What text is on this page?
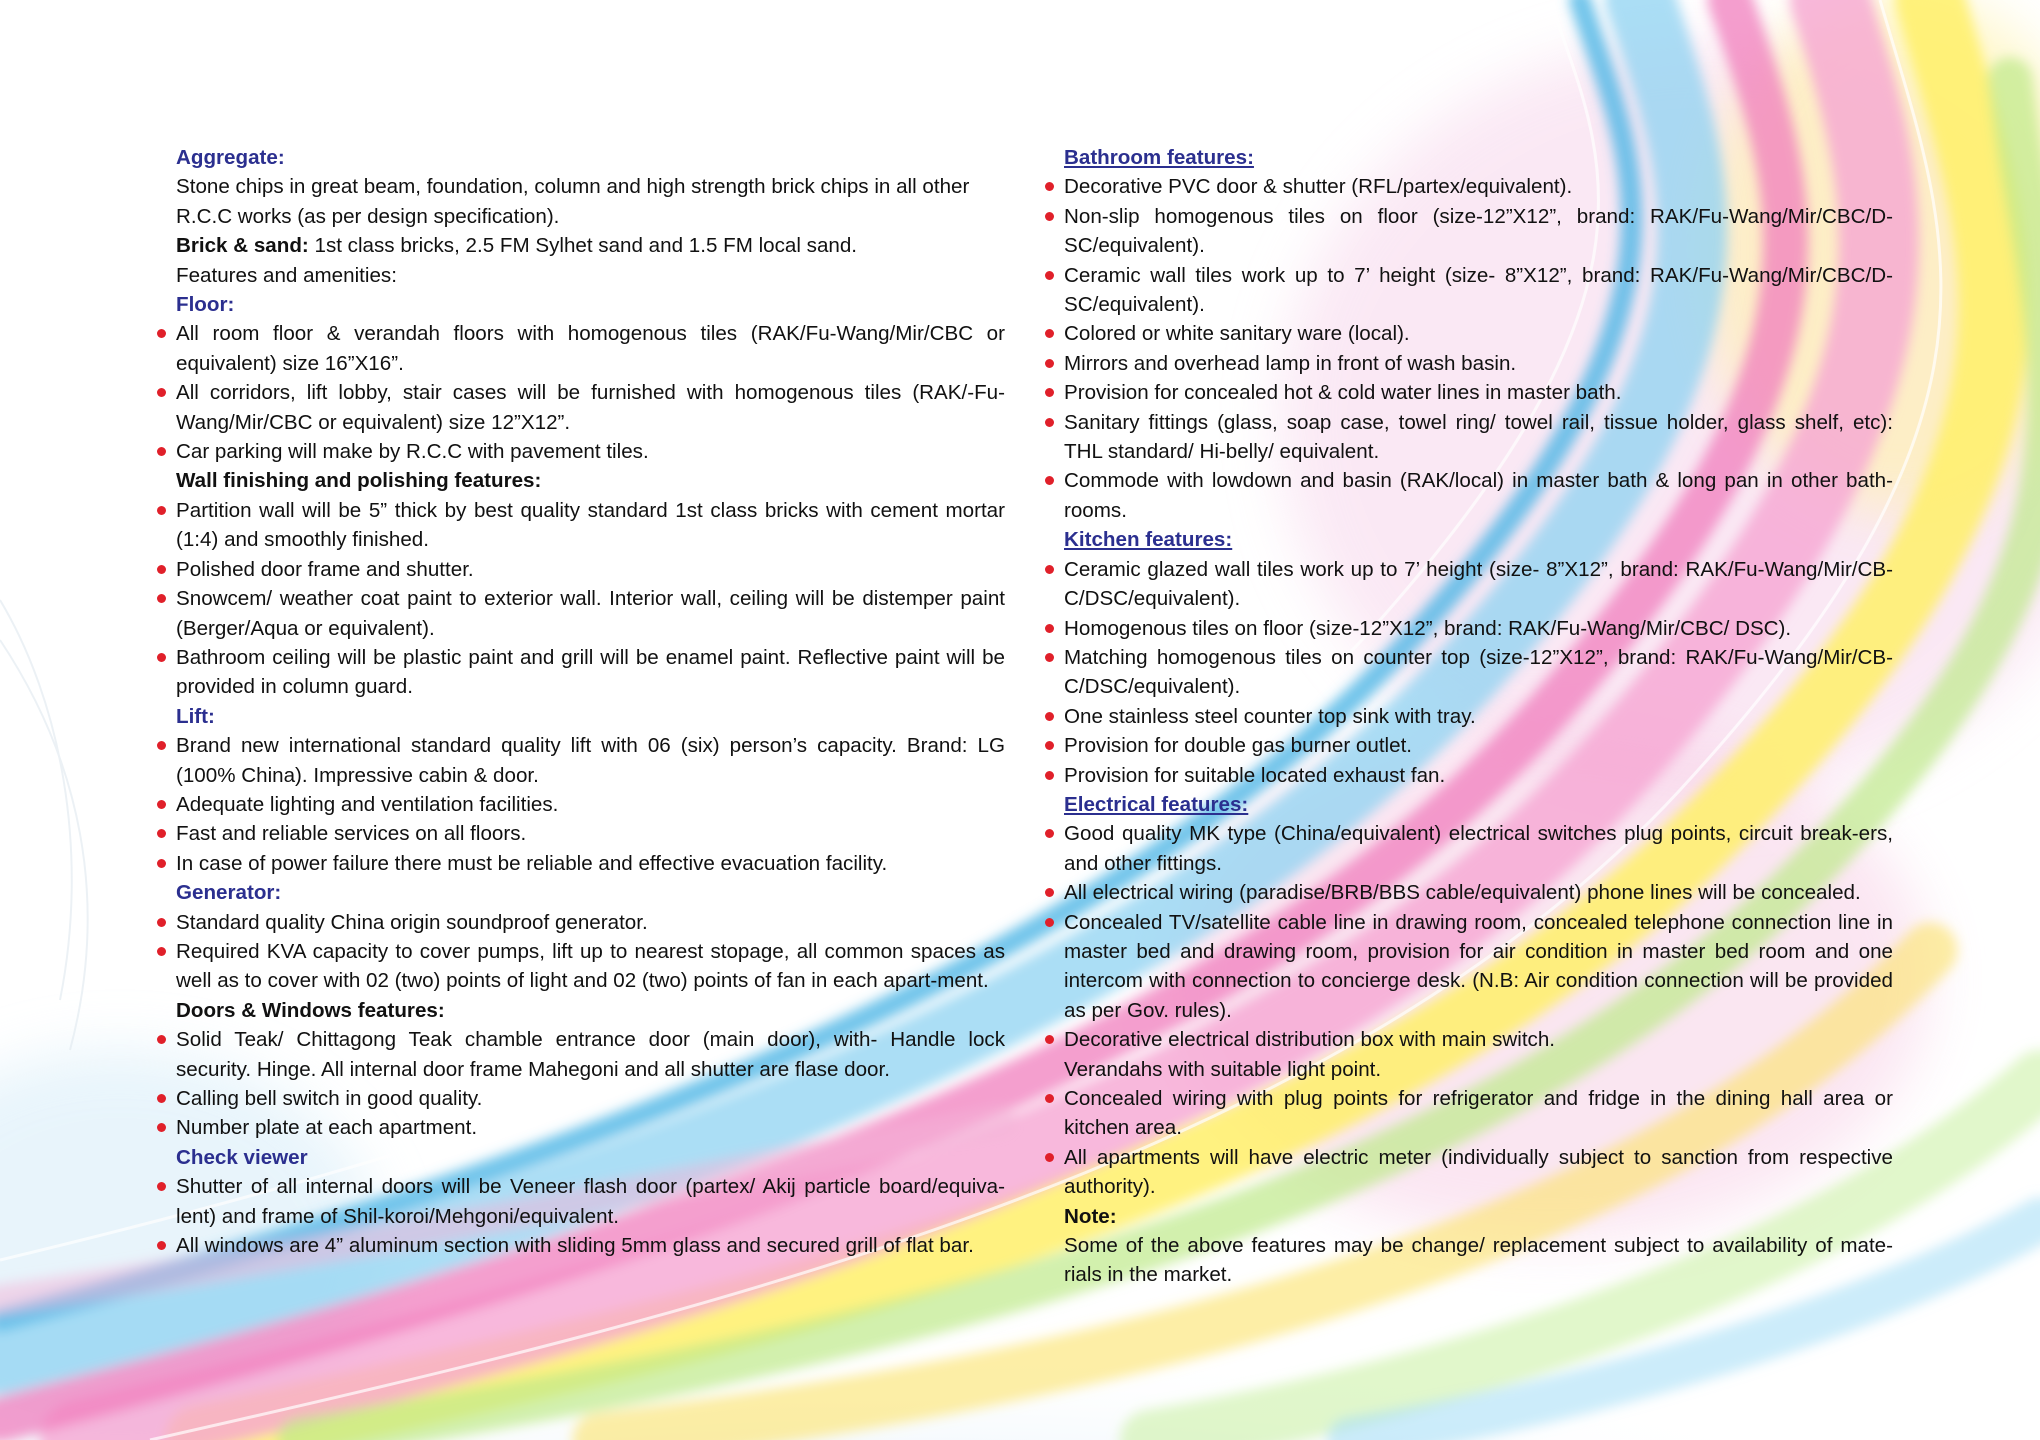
Aggregate:
Stone chips in great beam, foundation, column and high strength brick chips in all other R.C.C works (as per design specification).
Brick & sand: 1st class bricks, 2.5 FM Sylhet sand and 1.5 FM local sand.
Features and amenities:
Floor:
All room floor & verandah floors with homogenous tiles (RAK/Fu-Wang/Mir/CBC or equivalent) size 16”X16”.
All corridors, lift lobby, stair cases will be furnished with homogenous tiles (RAK/-Fu-Wang/Mir/CBC or equivalent) size 12”X12”.
Car parking will make by R.C.C with pavement tiles.
Wall finishing and polishing features:
Partition wall will be 5” thick by best quality standard 1st class bricks with cement mortar (1:4) and smoothly finished.
Polished door frame and shutter.
Snowcem/ weather coat paint to exterior wall. Interior wall, ceiling will be distemper paint (Berger/Aqua or equivalent).
Bathroom ceiling will be plastic paint and grill will be enamel paint. Reflective paint will be provided in column guard.
Lift:
Brand new international standard quality lift with 06 (six) person’s capacity. Brand: LG (100% China). Impressive cabin & door.
Adequate lighting and ventilation facilities.
Fast and reliable services on all floors.
In case of power failure there must be reliable and effective evacuation facility.
Generator:
Standard quality China origin soundproof generator.
Required KVA capacity to cover pumps, lift up to nearest stopage, all common spaces as well as to cover with 02 (two) points of light and 02 (two) points of fan in each apart-ment.
Doors & Windows features:
Solid Teak/ Chittagong Teak chamble entrance door (main door), with- Handle lock security. Hinge. All internal door frame Mahegoni and all shutter are flase door.
Calling bell switch in good quality.
Number plate at each apartment.
Check viewer
Shutter of all internal doors will be Veneer flash door (partex/ Akij particle board/equiva-lent) and frame of Shil-koroi/Mehgoni/equivalent.
All windows are 4” aluminum section with sliding 5mm glass and secured grill of flat bar.
Bathroom features:
Decorative PVC door & shutter (RFL/partex/equivalent).
Non-slip homogenous tiles on floor (size-12”X12”, brand: RAK/Fu-Wang/Mir/CBC/D-SC/equivalent).
Ceramic wall tiles work up to 7’ height (size- 8”X12”, brand: RAK/Fu-Wang/Mir/CBC/D-SC/equivalent).
Colored or white sanitary ware (local).
Mirrors and overhead lamp in front of wash basin.
Provision for concealed hot & cold water lines in master bath.
Sanitary fittings (glass, soap case, towel ring/ towel rail, tissue holder, glass shelf, etc): THL standard/ Hi-belly/ equivalent.
Commode with lowdown and basin (RAK/local) in master bath & long pan in other bath-rooms.
Kitchen features:
Ceramic glazed wall tiles work up to 7’ height (size- 8”X12”, brand: RAK/Fu-Wang/Mir/CB-C/DSC/equivalent).
Homogenous tiles on floor (size-12”X12”, brand: RAK/Fu-Wang/Mir/CBC/ DSC).
Matching homogenous tiles on counter top (size-12”X12”, brand: RAK/Fu-Wang/Mir/CB-C/DSC/equivalent).
One stainless steel counter top sink with tray.
Provision for double gas burner outlet.
Provision for suitable located exhaust fan.
Electrical features:
Good quality MK type (China/equivalent) electrical switches plug points, circuit break-ers, and other fittings.
All electrical wiring (paradise/BRB/BBS cable/equivalent) phone lines will be concealed.
Concealed TV/satellite cable line in drawing room, concealed telephone connection line in master bed and drawing room, provision for air condition in master bed room and one intercom with connection to concierge desk. (N.B: Air condition connection will be provided as per Gov. rules).
Decorative electrical distribution box with main switch.
Verandahs with suitable light point.
Concealed wiring with plug points for refrigerator and fridge in the dining hall area or kitchen area.
All apartments will have electric meter (individually subject to sanction from respective authority).
Note:
Some of the above features may be change/ replacement subject to availability of mate-rials in the market.
